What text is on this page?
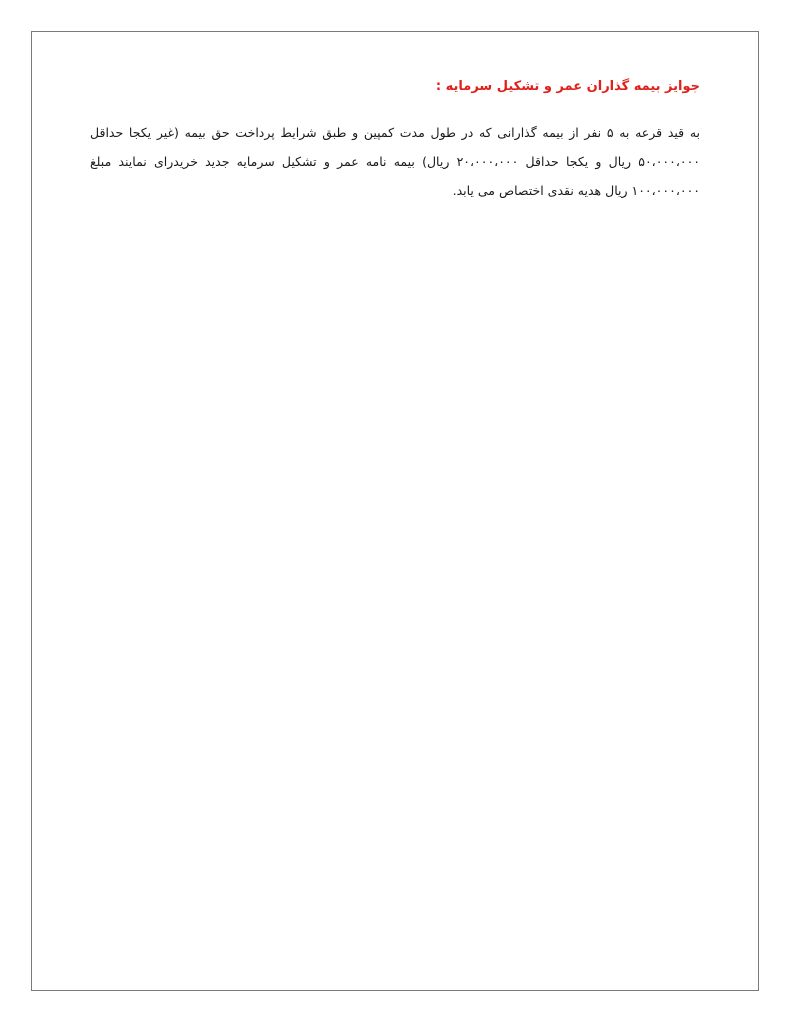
جوایز بیمه گذاران عمر و تشکیل سرمایه :

به قید قرعه به ۵ نفر از بیمه گذارانی که در طول مدت کمپین و طبق شرایط پرداخت حق بیمه (غیر یکجا حداقل ۵۰،۰۰۰،۰۰۰ ریال و یکجا حداقل ۲۰،۰۰۰،۰۰۰ ریال) بیمه نامه عمر و تشکیل سرمایه جدید خریدرای نمایند مبلغ ۱۰۰،۰۰۰،۰۰۰ ریال هدیه نقدی اختصاص می یابد.
